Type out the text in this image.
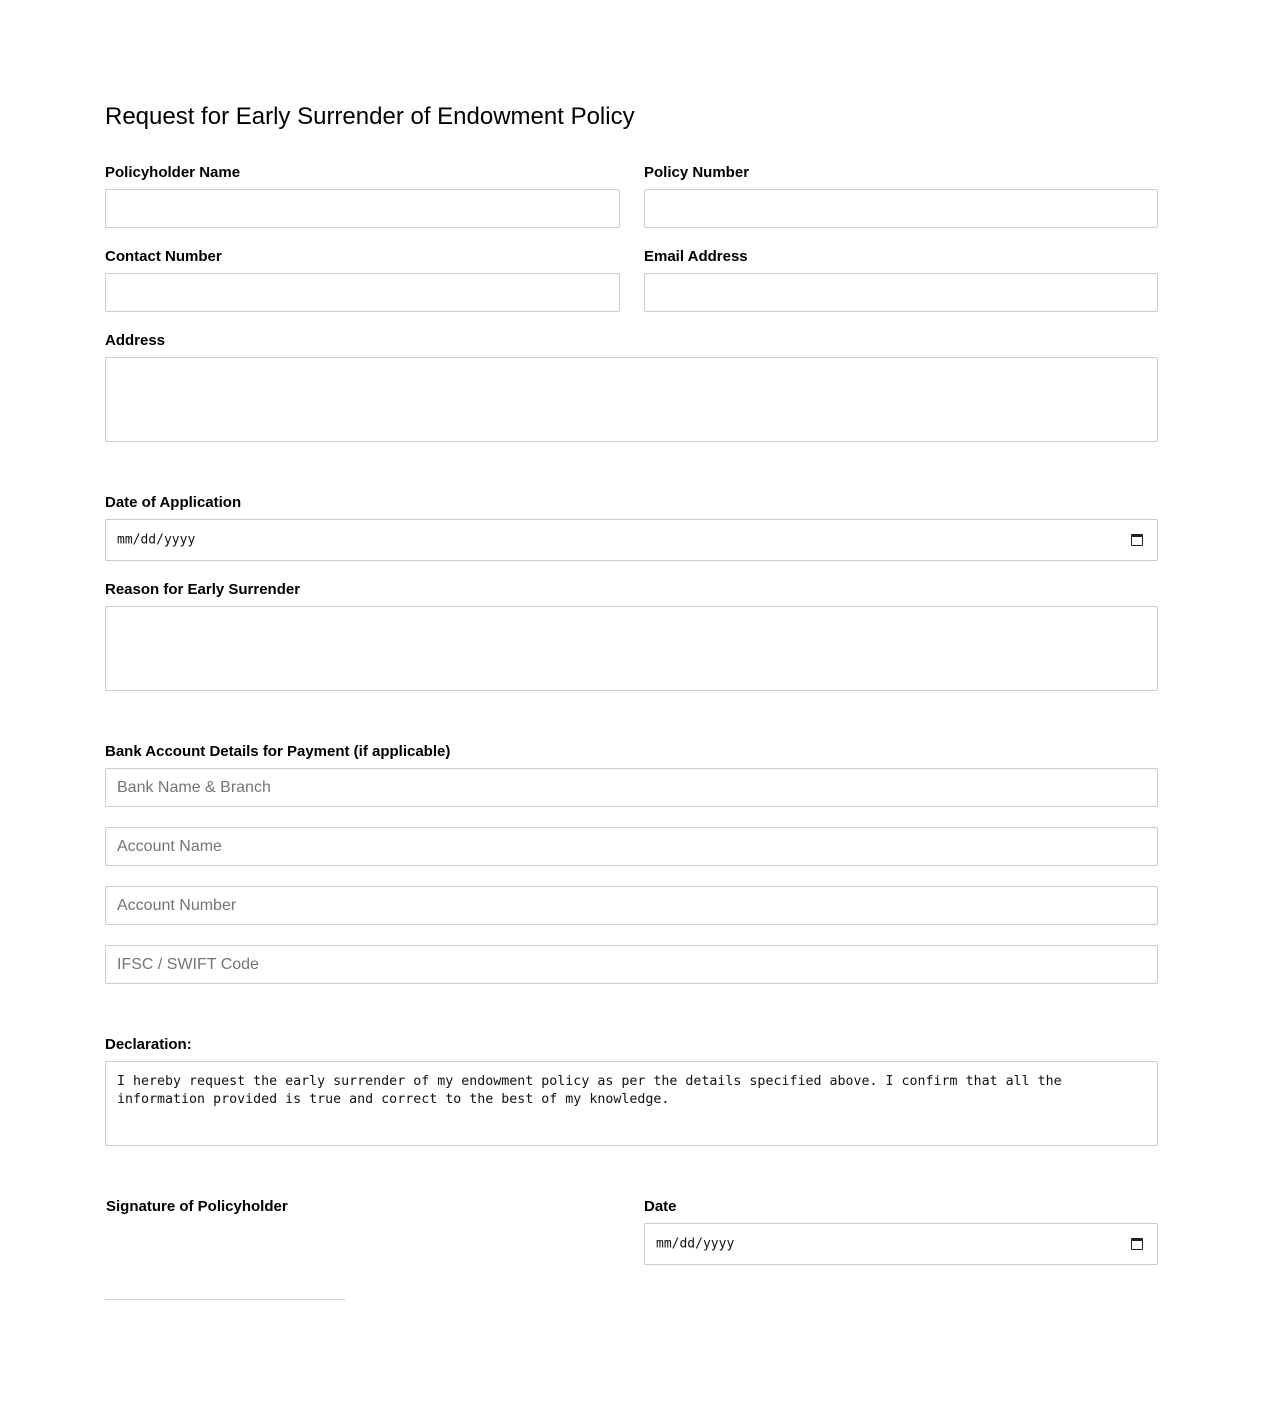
Request for Early Surrender of Endowment Policy
Policyholder Name	Policy Number
Contact Number	Email Address
Address
Date of Application
mm/dd/yyyy
Reason for Early Surrender
Bank Account Details for Payment (if applicable)
Bank Name & Branch
Account Name
Account Number
IFSC / SWIFT Code
Declaration:
I hereby request the early surrender of my endowment policy as per the details specified above. I confirm that all the information provided is true and correct to the best of my knowledge.
Signature of Policyholder	Date
mm/dd/yyyy
